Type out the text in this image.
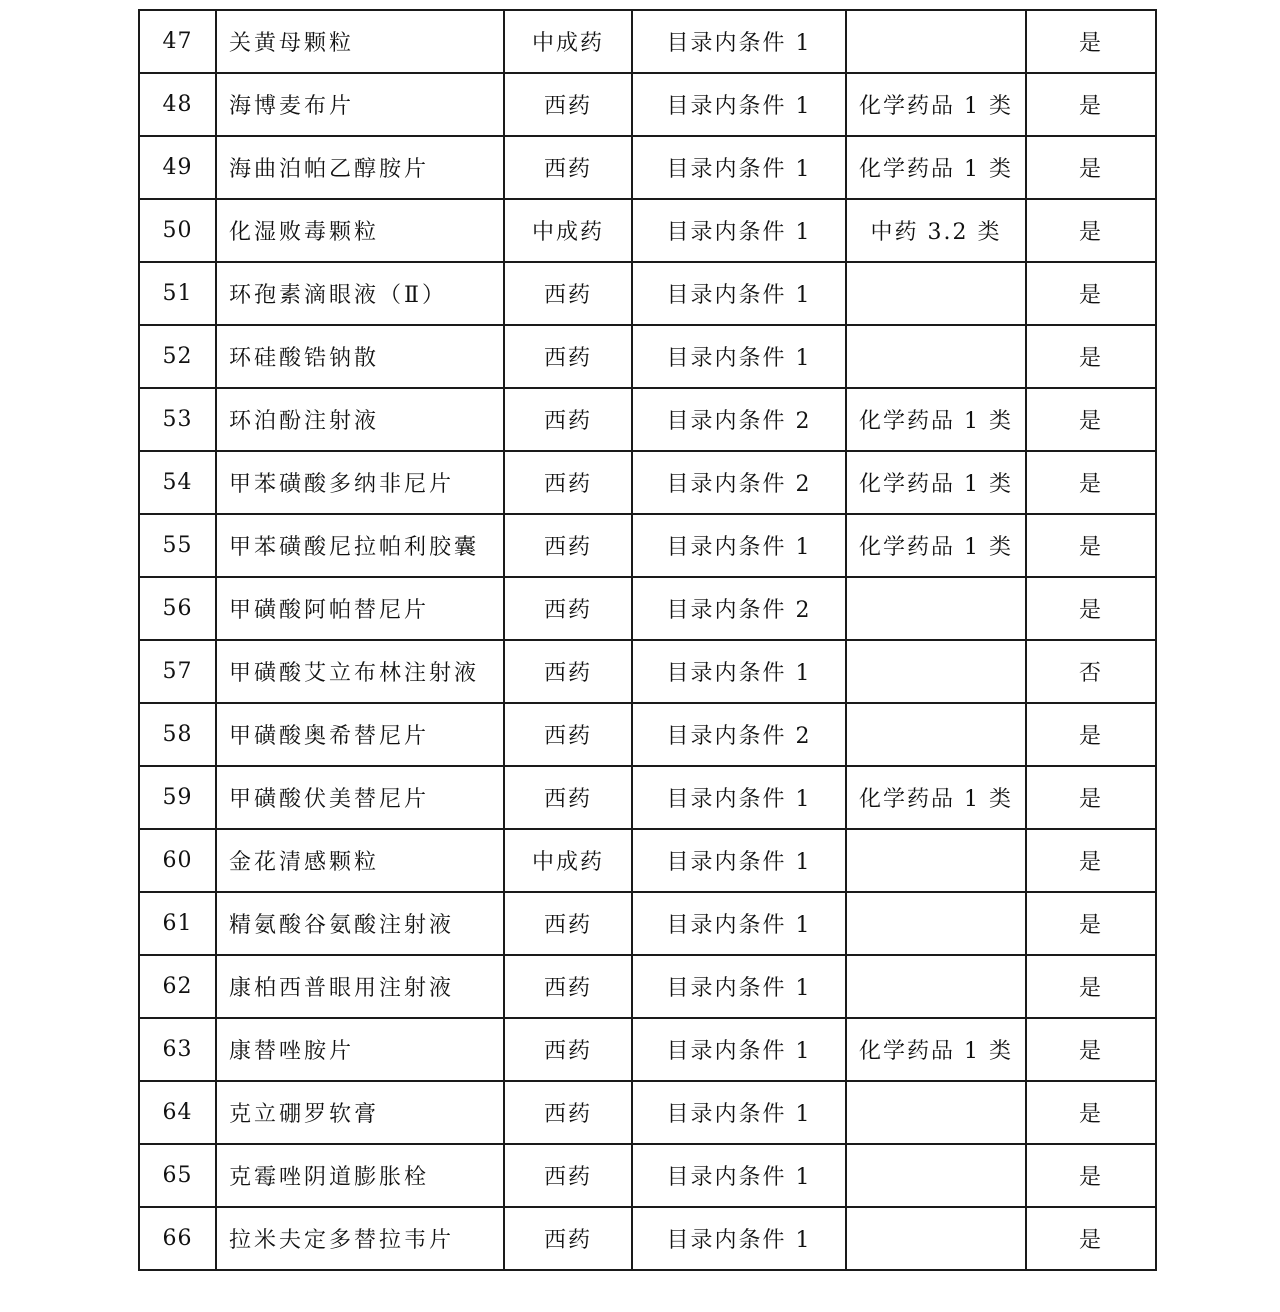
47	关黄母颗粒	中成药	目录内条件 1		是
48	海博麦布片	西药	目录内条件 1	化学药品 1 类	是
49	海曲泊帕乙醇胺片	西药	目录内条件 1	化学药品 1 类	是
50	化湿败毒颗粒	中成药	目录内条件 1	中药 3.2 类	是
51	环孢素滴眼液（Ⅱ）	西药	目录内条件 1		是
52	环硅酸锆钠散	西药	目录内条件 1		是
53	环泊酚注射液	西药	目录内条件 2	化学药品 1 类	是
54	甲苯磺酸多纳非尼片	西药	目录内条件 2	化学药品 1 类	是
55	甲苯磺酸尼拉帕利胶囊	西药	目录内条件 1	化学药品 1 类	是
56	甲磺酸阿帕替尼片	西药	目录内条件 2		是
57	甲磺酸艾立布林注射液	西药	目录内条件 1		否
58	甲磺酸奥希替尼片	西药	目录内条件 2		是
59	甲磺酸伏美替尼片	西药	目录内条件 1	化学药品 1 类	是
60	金花清感颗粒	中成药	目录内条件 1		是
61	精氨酸谷氨酸注射液	西药	目录内条件 1		是
62	康柏西普眼用注射液	西药	目录内条件 1		是
63	康替唑胺片	西药	目录内条件 1	化学药品 1 类	是
64	克立硼罗软膏	西药	目录内条件 1		是
65	克霉唑阴道膨胀栓	西药	目录内条件 1		是
66	拉米夫定多替拉韦片	西药	目录内条件 1		是
